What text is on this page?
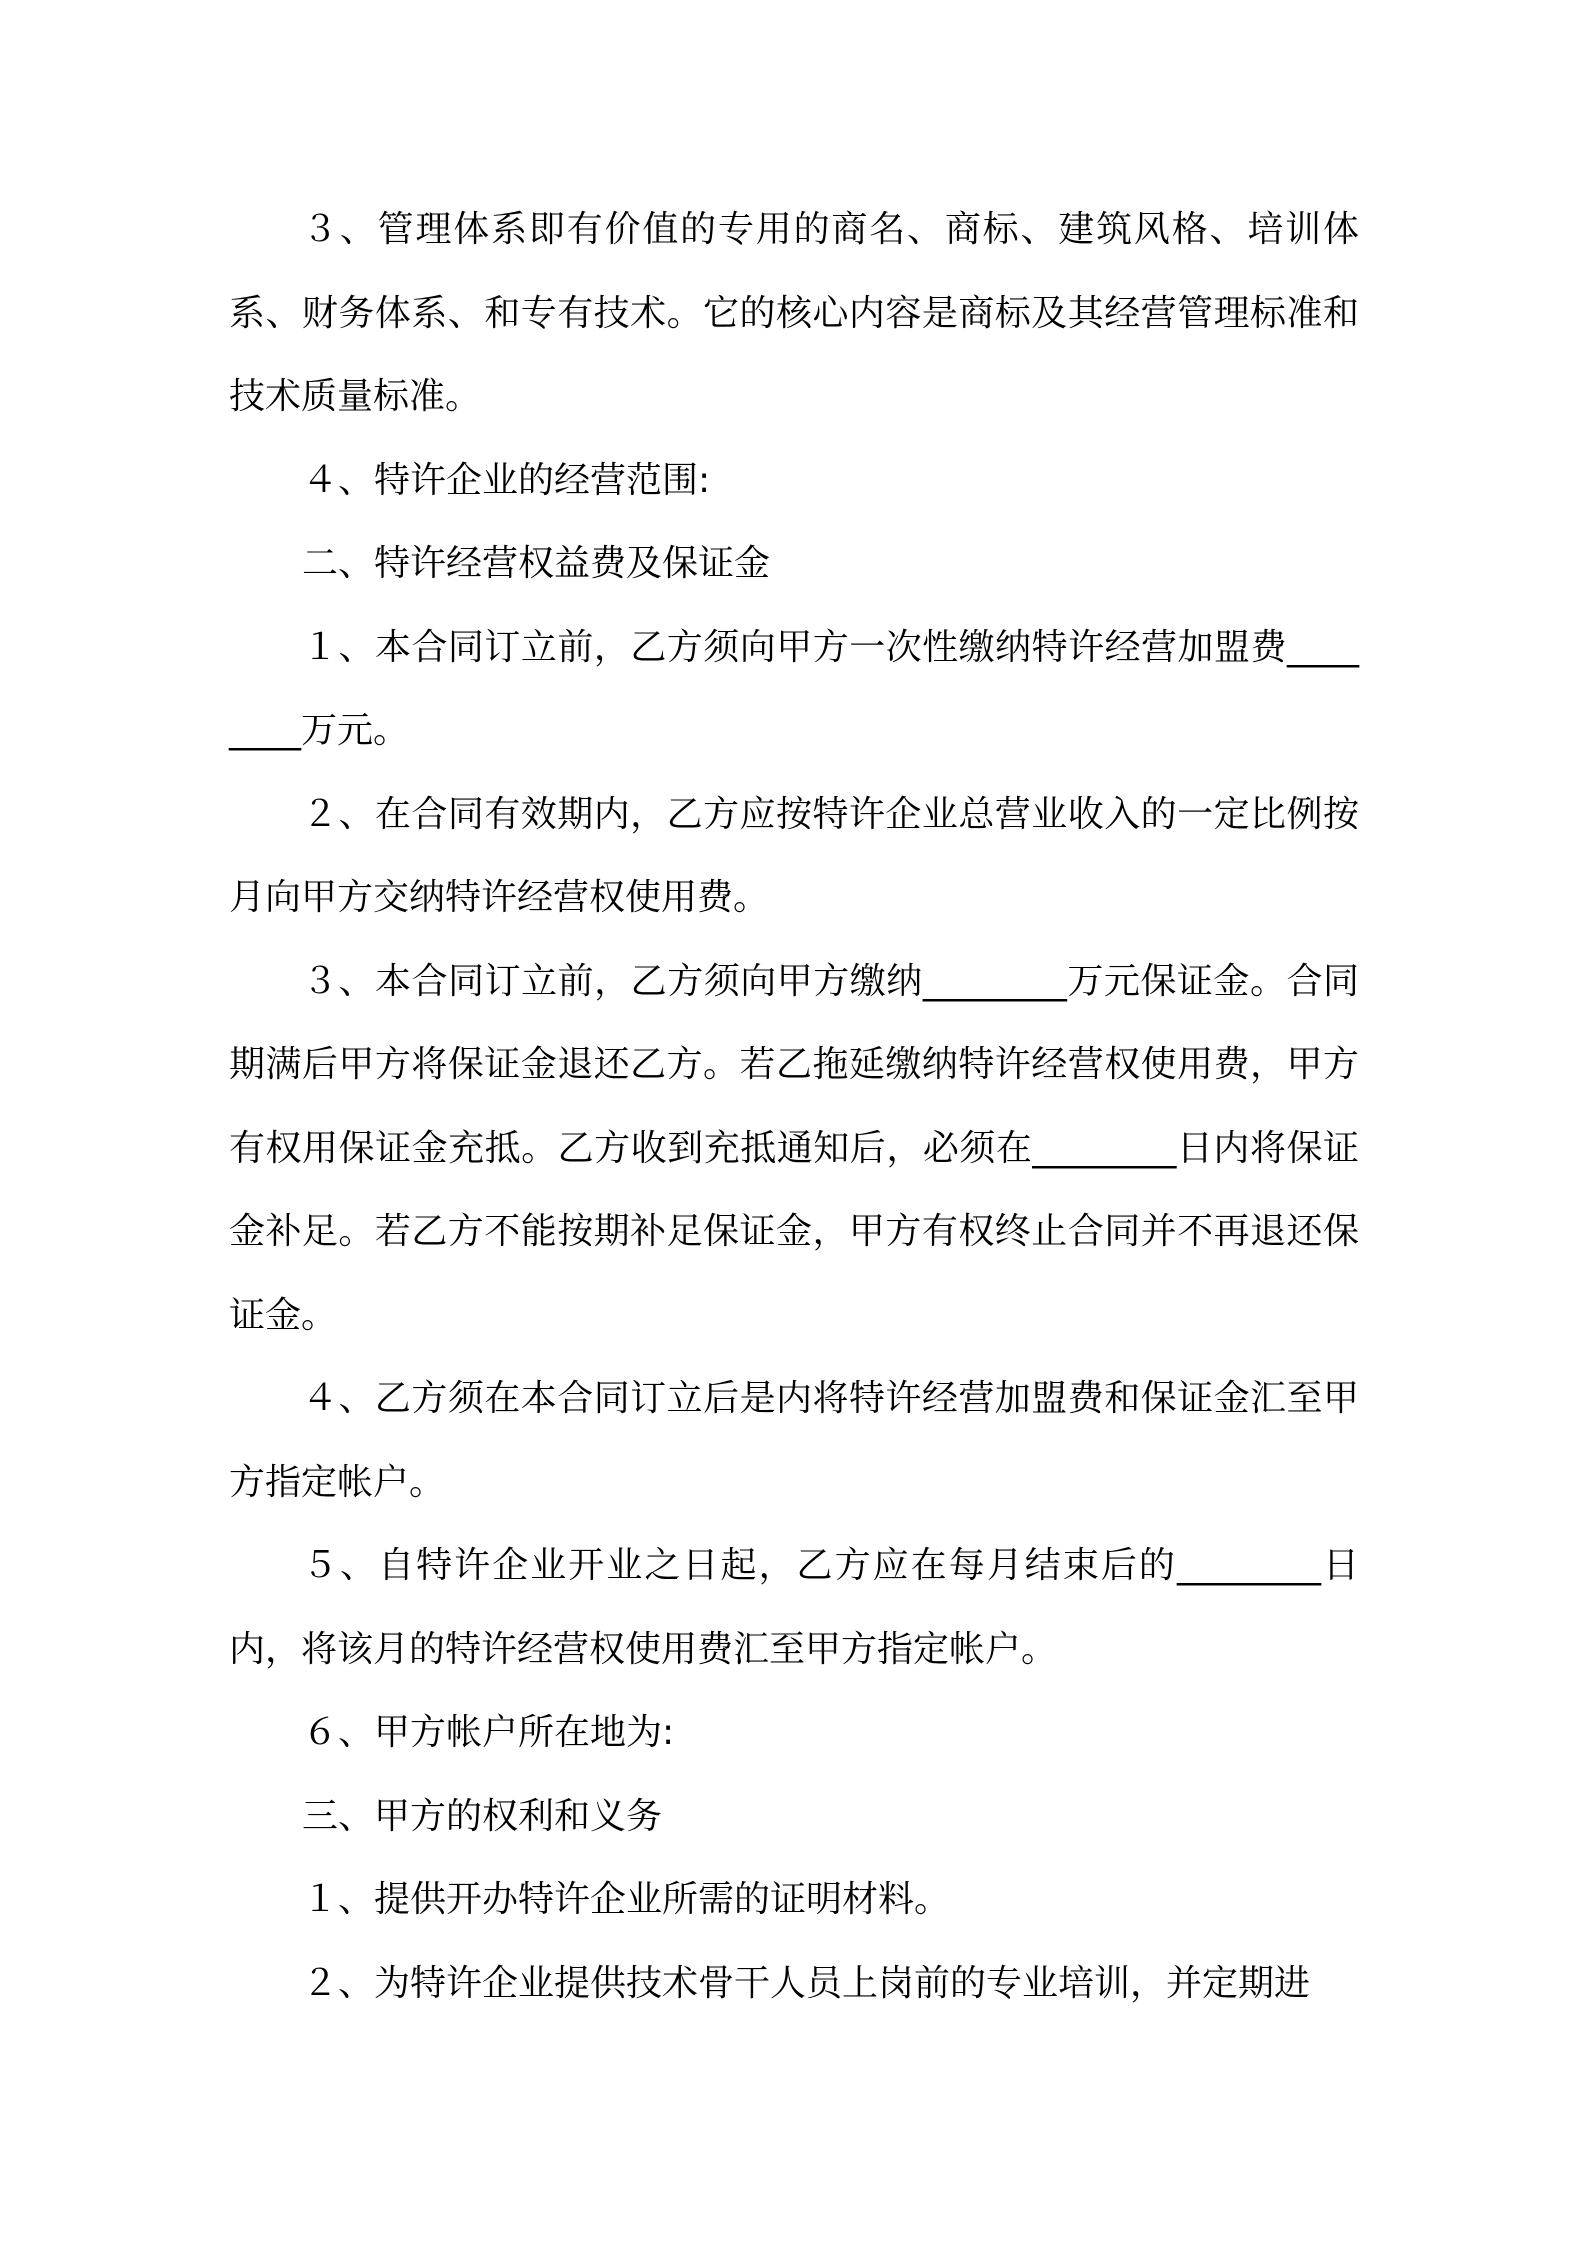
３、管理体系即有价值的专用的商名、商标、建筑风格、培训体系、财务体系、和专有技术。它的核心内容是商标及其经营管理标准和技术质量标准。

４、特许企业的经营范围:

二、特许经营权益费及保证金

１、本合同订立前，乙方须向甲方一次性缴纳特许经营加盟费________万元。

２、在合同有效期内，乙方应按特许企业总营业收入的一定比例按月向甲方交纳特许经营权使用费。

３、本合同订立前，乙方须向甲方缴纳________万元保证金。合同期满后甲方将保证金退还乙方。若乙拖延缴纳特许经营权使用费，甲方有权用保证金充抵。乙方收到充抵通知后，必须在________日内将保证金补足。若乙方不能按期补足保证金，甲方有权终止合同并不再退还保证金。

４、乙方须在本合同订立后是内将特许经营加盟费和保证金汇至甲方指定帐户。

５、自特许企业开业之日起，乙方应在每月结束后的________日内，将该月的特许经营权使用费汇至甲方指定帐户。

６、甲方帐户所在地为:

三、甲方的权利和义务

１、提供开办特许企业所需的证明材料。

２、为特许企业提供技术骨干人员上岗前的专业培训，并定期进
